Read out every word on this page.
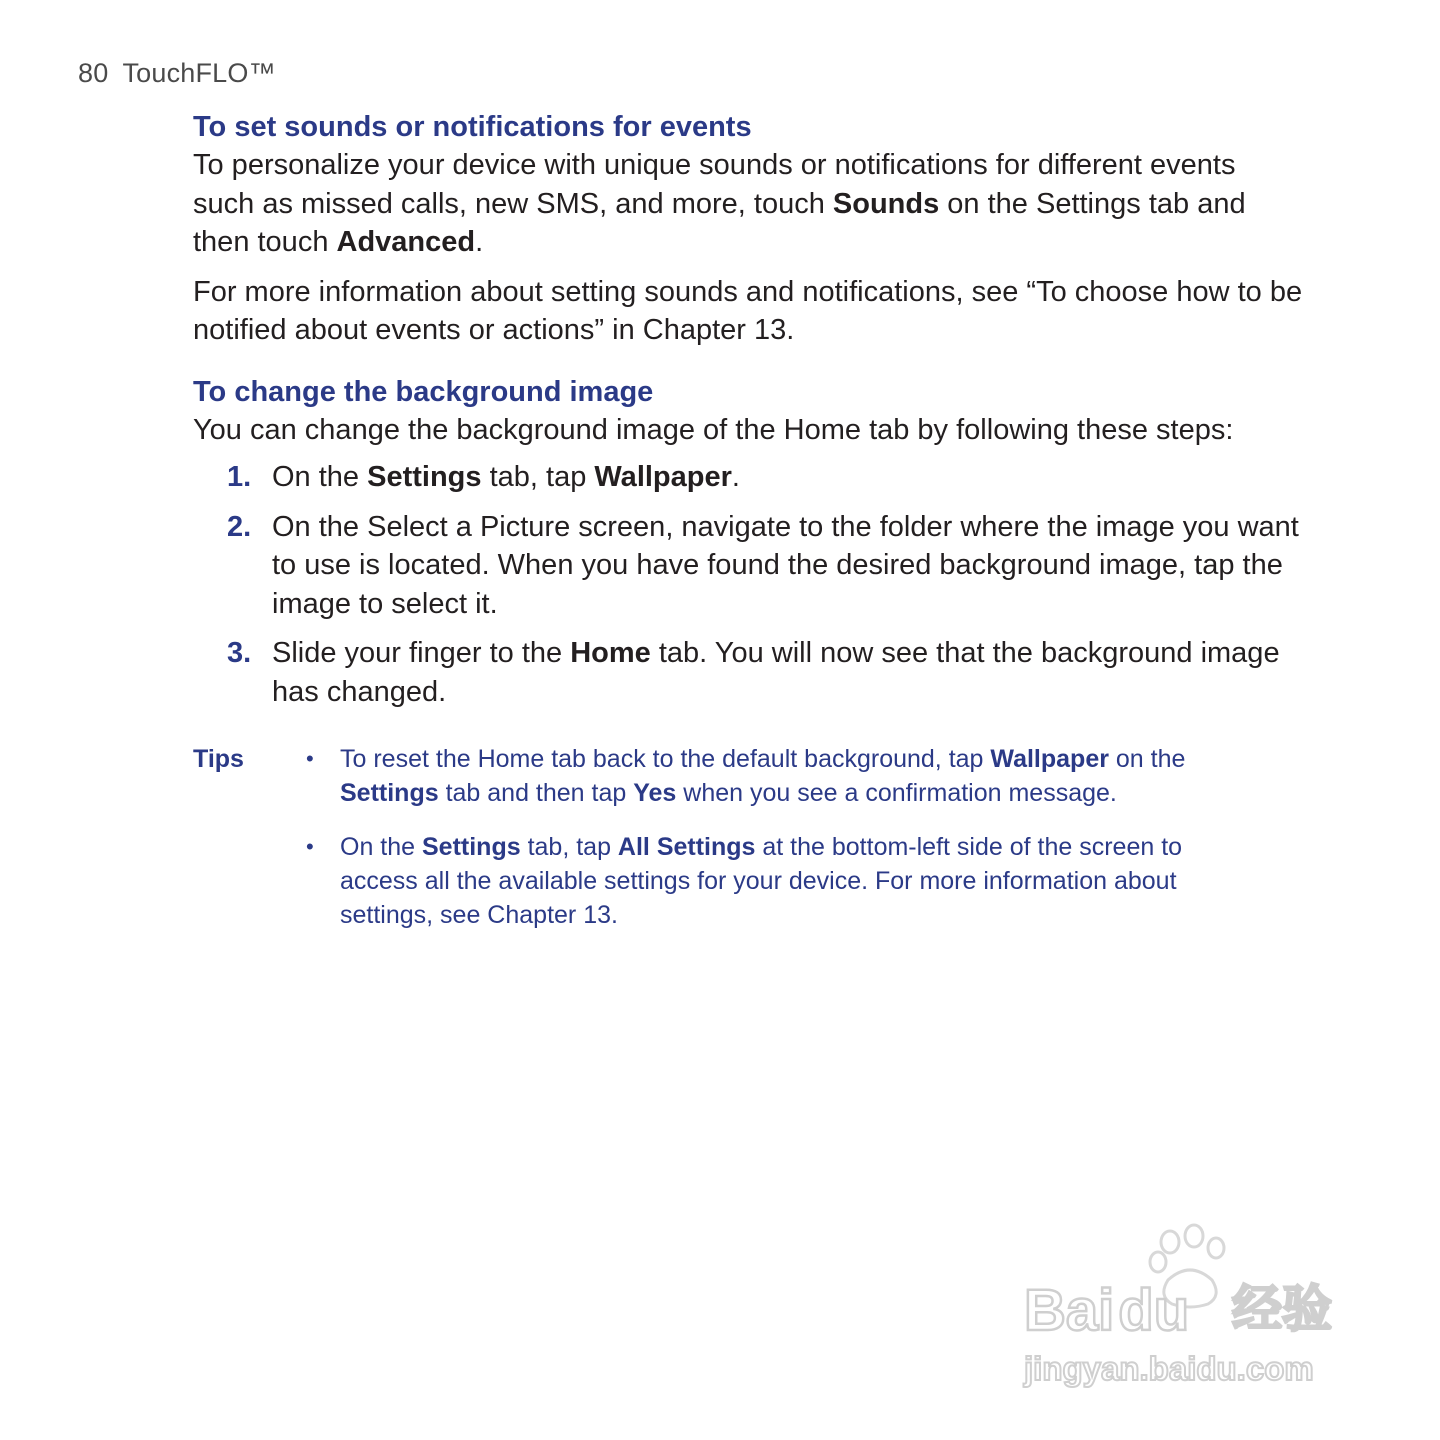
80 TouchFLO™
To set sounds or notifications for events

To personalize your device with unique sounds or notifications for different events such as missed calls, new SMS, and more, touch Sounds on the Settings tab and then touch Advanced.

For more information about setting sounds and notifications, see “To choose how to be notified about events or actions” in Chapter 13.

To change the background image

You can change the background image of the Home tab by following these steps:

1. On the Settings tab, tap Wallpaper.
2. On the Select a Picture screen, navigate to the folder where the image you want to use is located. When you have found the desired background image, tap the image to select it.
3. Slide your finger to the Home tab. You will now see that the background image has changed.
Tips	• To reset the Home tab back to the default background, tap Wallpaper on the Settings tab and then tap Yes when you see a confirmation message.
• On the Settings tab, tap All Settings at the bottom-left side of the screen to access all the available settings for your device. For more information about settings, see Chapter 13.
Baidu 经验
jingyan.baidu.com
